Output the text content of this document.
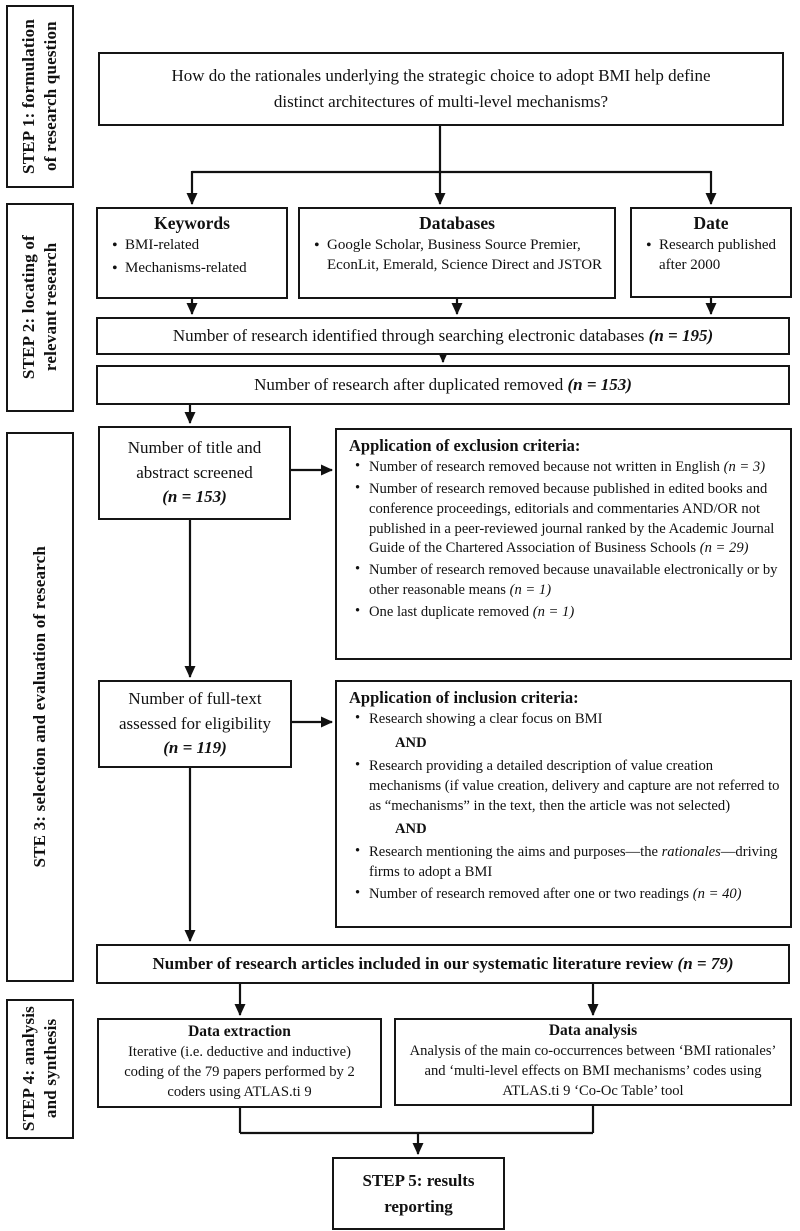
STEP 1: formulation of research question
STEP 2: locating of relevant research
STE 3: selection and evaluation of research
STEP 4: analysis and synthesis
How do the rationales underlying the strategic choice to adopt BMI help define distinct architectures of multi-level mechanisms?
Keywords
• BMI-related
• Mechanisms-related
Databases
• Google Scholar, Business Source Premier, EconLit, Emerald, Science Direct and JSTOR
Date
• Research published after 2000
Number of research identified through searching electronic databases (n = 195)
Number of research after duplicated removed (n = 153)
Number of title and abstract screened
(n = 153)
Application of exclusion criteria:
• Number of research removed because not written in English (n = 3)
• Number of research removed because published in edited books and conference proceedings, editorials and commentaries AND/OR not published in a peer-reviewed journal ranked by the Academic Journal Guide of the Chartered Association of Business Schools (n = 29)
• Number of research removed because unavailable electronically or by other reasonable means (n = 1)
• One last duplicate removed (n = 1)
Number of full-text assessed for eligibility (n = 119)
Application of inclusion criteria:
• Research showing a clear focus on BMI
AND
• Research providing a detailed description of value creation mechanisms (if value creation, delivery and capture are not referred to as “mechanisms” in the text, then the article was not selected)
AND
• Research mentioning the aims and purposes—the rationales—driving firms to adopt a BMI
• Number of research removed after one or two readings (n = 40)
Number of research articles included in our systematic literature review (n = 79)
Data extraction
Iterative (i.e. deductive and inductive) coding of the 79 papers performed by 2 coders using ATLAS.ti 9
Data analysis
Analysis of the main co-occurrences between ‘BMI rationales’ and ‘multi-level effects on BMI mechanisms’ codes using ATLAS.ti 9 ‘Co-Oc Table’ tool
STEP 5: results reporting
